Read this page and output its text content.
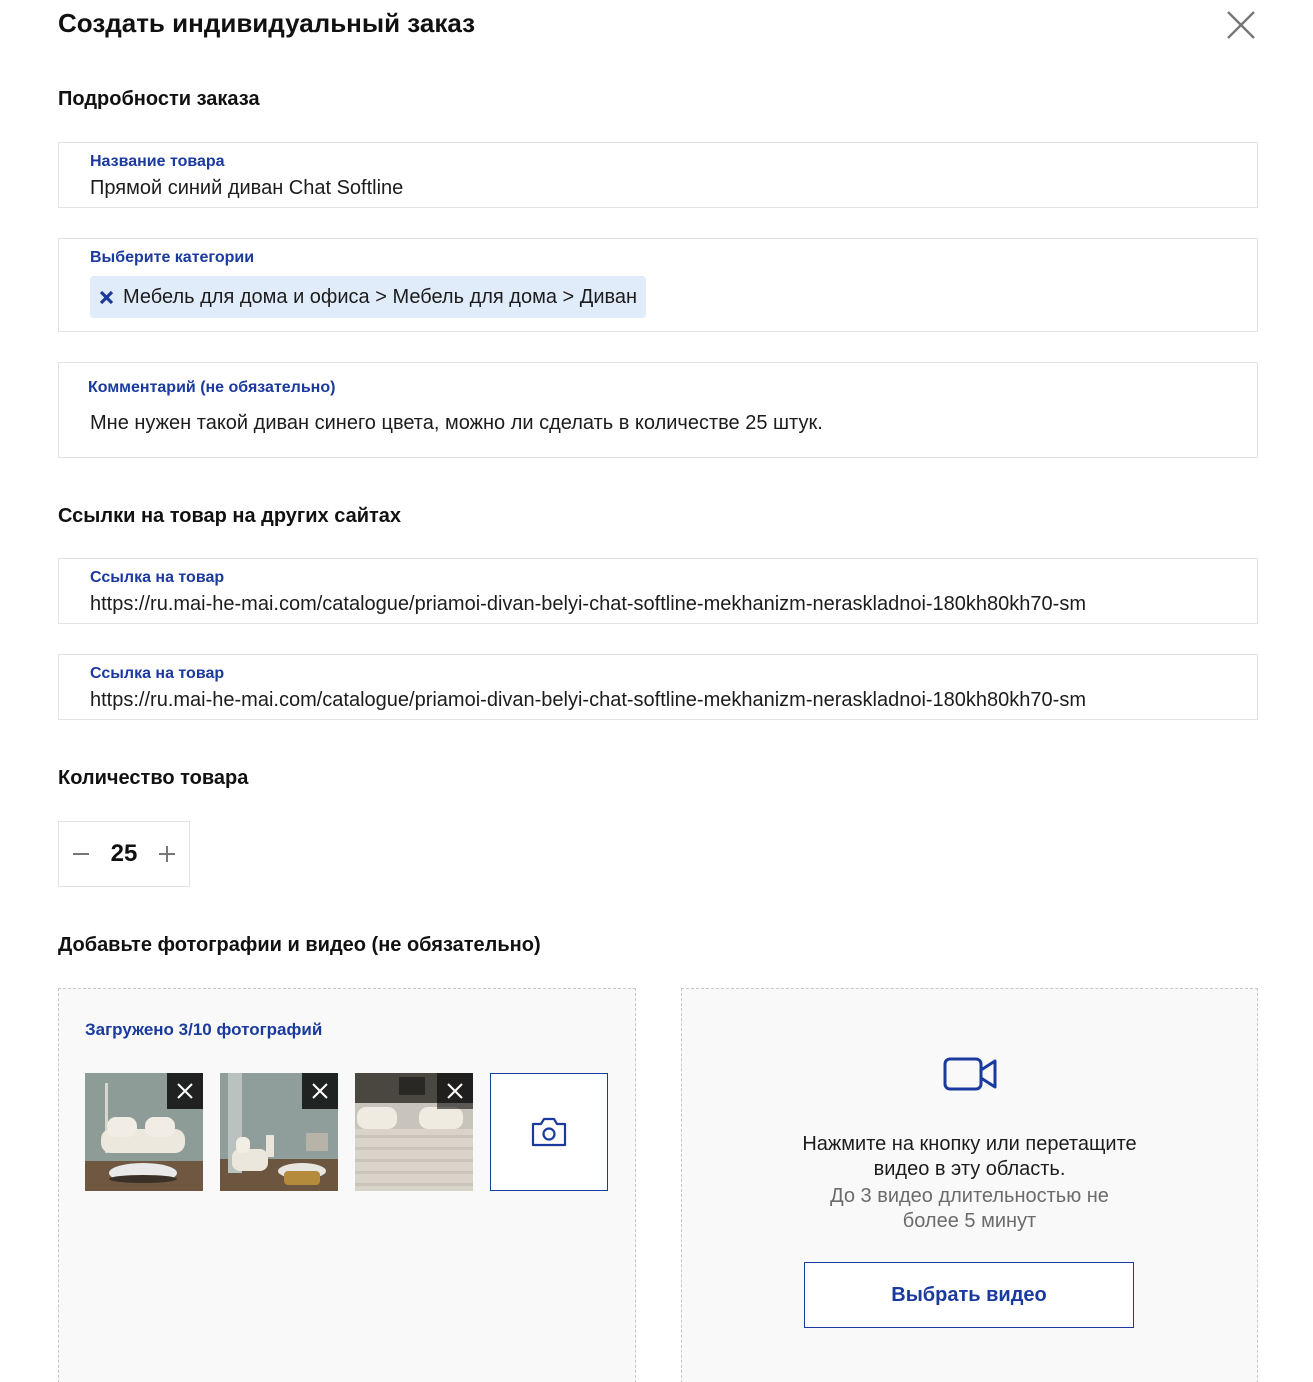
Создать индивидуальный заказ
Подробности заказа
Название товара
Прямой синий диван Chat Softline
Выберите категории
Мебель для дома и офиса > Мебель для дома > Диван
Комментарий (не обязательно)
Мне нужен такой диван синего цвета, можно ли сделать в количестве 25 штук.
Ссылки на товар на других сайтах
Ссылка на товар
https://ru.mai-he-mai.com/catalogue/priamoi-divan-belyi-chat-softline-mekhanizm-neraskladnoi-180kh80kh70-sm
Ссылка на товар
https://ru.mai-he-mai.com/catalogue/priamoi-divan-belyi-chat-softline-mekhanizm-neraskladnoi-180kh80kh70-sm
Количество товара
25
Добавьте фотографии и видео (не обязательно)
Загружено 3/10 фотографий
Нажмите на кнопку или перетащите видео в эту область.
До 3 видео длительностью не более 5 минут
Выбрать видео
